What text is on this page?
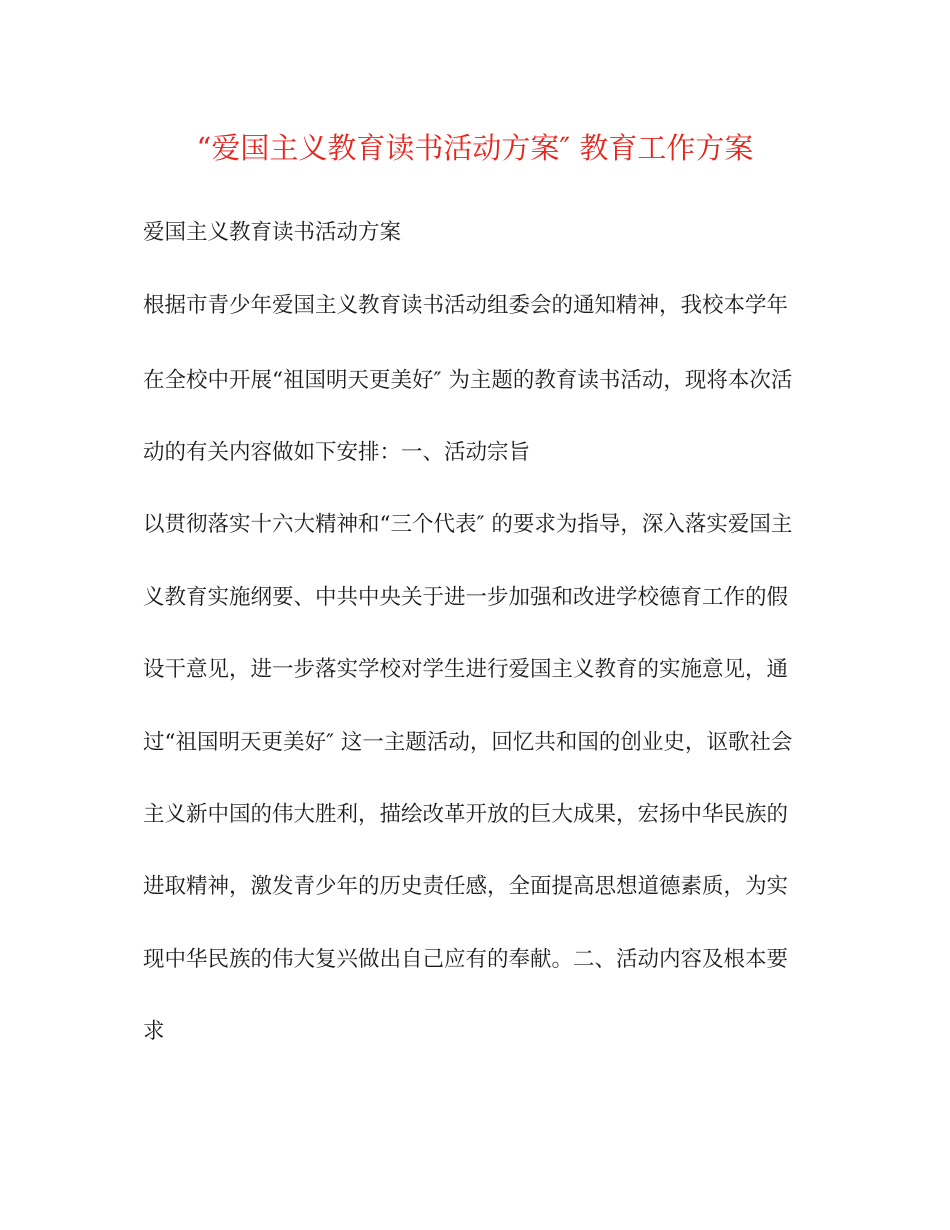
“爱国主义教育读书活动方案″ 教育工作方案
爱国主义教育读书活动方案
根据市青少年爱国主义教育读书活动组委会的通知精神，我校本学年
在全校中开展“祖国明天更美好″ 为主题的教育读书活动，现将本次活
动的有关内容做如下安排：一、活动宗旨
以贯彻落实十六大精神和“三个代表″ 的要求为指导，深入落实爱国主
义教育实施纲要、中共中央关于进一步加强和改进学校德育工作的假
设干意见，进一步落实学校对学生进行爱国主义教育的实施意见，通
过“祖国明天更美好″ 这一主题活动，回忆共和国的创业史，讴歌社会
主义新中国的伟大胜利，描绘改革开放的巨大成果，宏扬中华民族的
进取精神，激发青少年的历史责任感，全面提高思想道德素质，为实
现中华民族的伟大复兴做出自己应有的奉献。二、活动内容及根本要
求
